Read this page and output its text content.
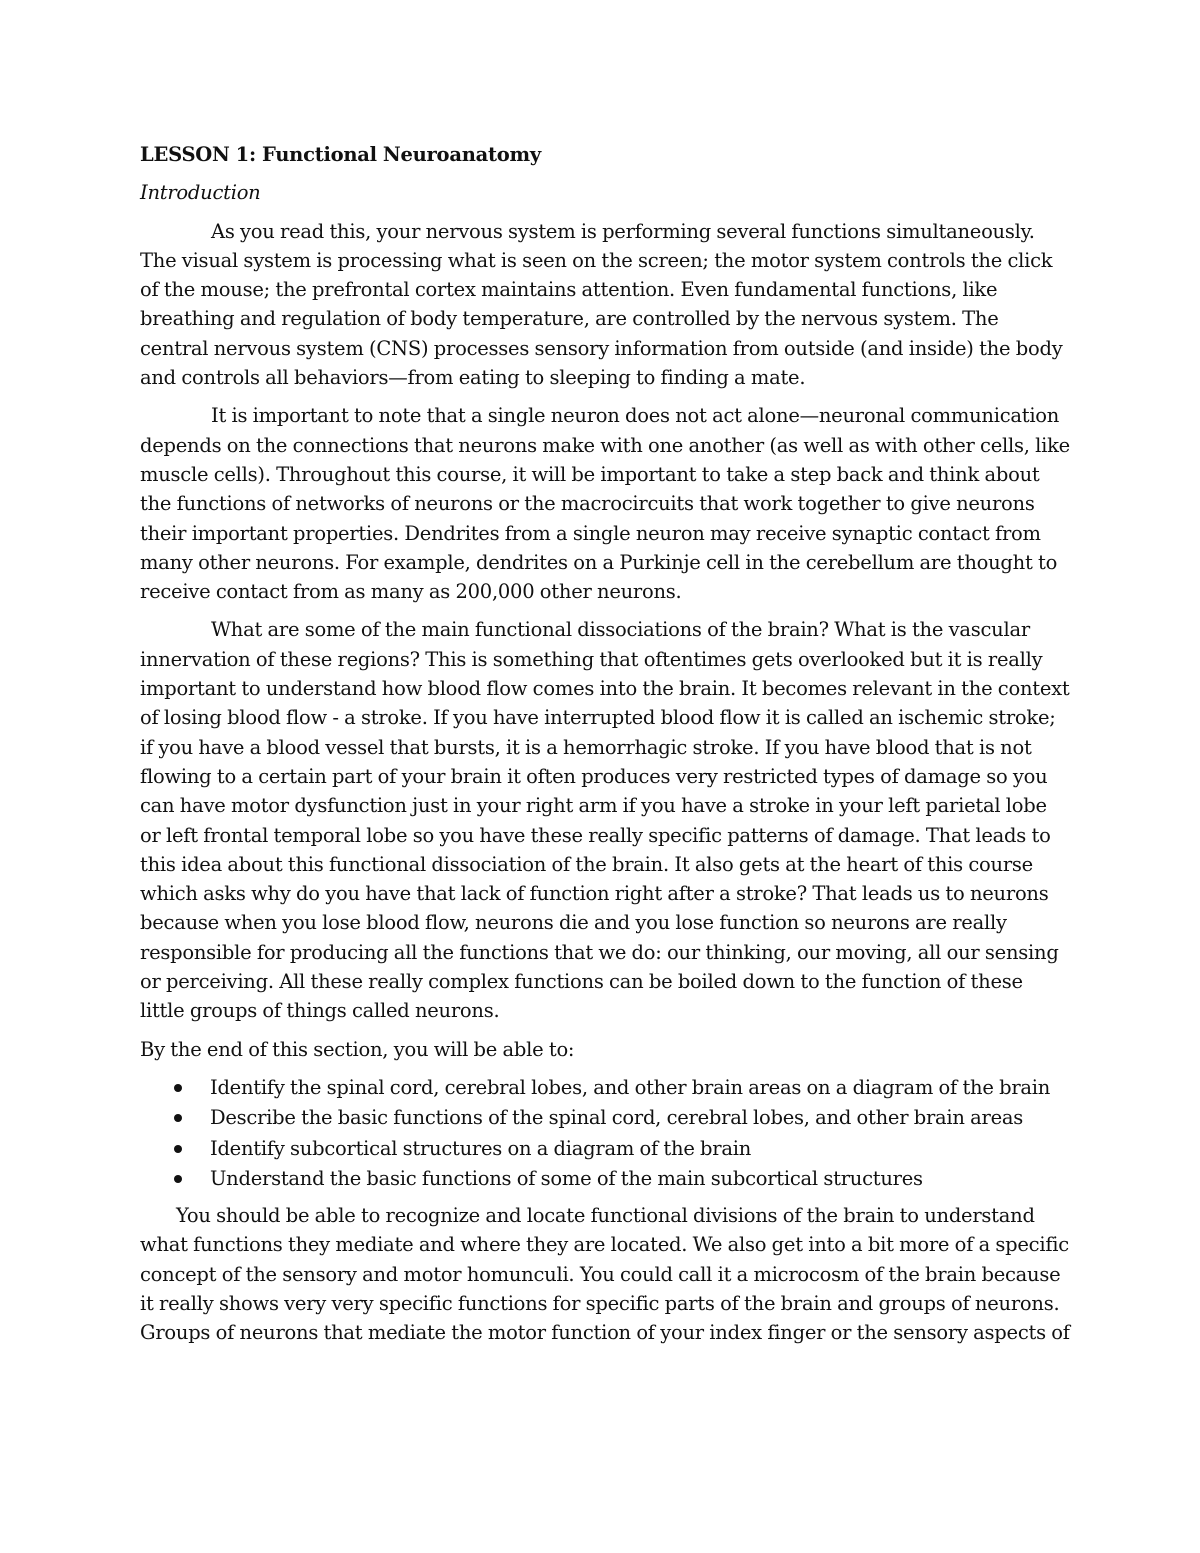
LESSON 1: Functional Neuroanatomy
Introduction

As you read this, your nervous system is performing several functions simultaneously. The visual system is processing what is seen on the screen; the motor system controls the click of the mouse; the prefrontal cortex maintains attention. Even fundamental functions, like breathing and regulation of body temperature, are controlled by the nervous system. The central nervous system (CNS) processes sensory information from outside (and inside) the body and controls all behaviors—from eating to sleeping to finding a mate.

It is important to note that a single neuron does not act alone—neuronal communication depends on the connections that neurons make with one another (as well as with other cells, like muscle cells). Throughout this course, it will be important to take a step back and think about the functions of networks of neurons or the macrocircuits that work together to give neurons their important properties. Dendrites from a single neuron may receive synaptic contact from many other neurons. For example, dendrites on a Purkinje cell in the cerebellum are thought to receive contact from as many as 200,000 other neurons.

What are some of the main functional dissociations of the brain? What is the vascular innervation of these regions? This is something that oftentimes gets overlooked but it is really important to understand how blood flow comes into the brain. It becomes relevant in the context of losing blood flow - a stroke. If you have interrupted blood flow it is called an ischemic stroke; if you have a blood vessel that bursts, it is a hemorrhagic stroke. If you have blood that is not flowing to a certain part of your brain it often produces very restricted types of damage so you can have motor dysfunction just in your right arm if you have a stroke in your left parietal lobe or left frontal temporal lobe so you have these really specific patterns of damage. That leads to this idea about this functional dissociation of the brain. It also gets at the heart of this course which asks why do you have that lack of function right after a stroke? That leads us to neurons because when you lose blood flow, neurons die and you lose function so neurons are really responsible for producing all the functions that we do: our thinking, our moving, all our sensing or perceiving. All these really complex functions can be boiled down to the function of these little groups of things called neurons.

By the end of this section, you will be able to:

Identify the spinal cord, cerebral lobes, and other brain areas on a diagram of the brain
Describe the basic functions of the spinal cord, cerebral lobes, and other brain areas
Identify subcortical structures on a diagram of the brain
Understand the basic functions of some of the main subcortical structures

You should be able to recognize and locate functional divisions of the brain to understand what functions they mediate and where they are located. We also get into a bit more of a specific concept of the sensory and motor homunculi. You could call it a microcosm of the brain because it really shows very very specific functions for specific parts of the brain and groups of neurons. Groups of neurons that mediate the motor function of your index finger or the sensory aspects of
